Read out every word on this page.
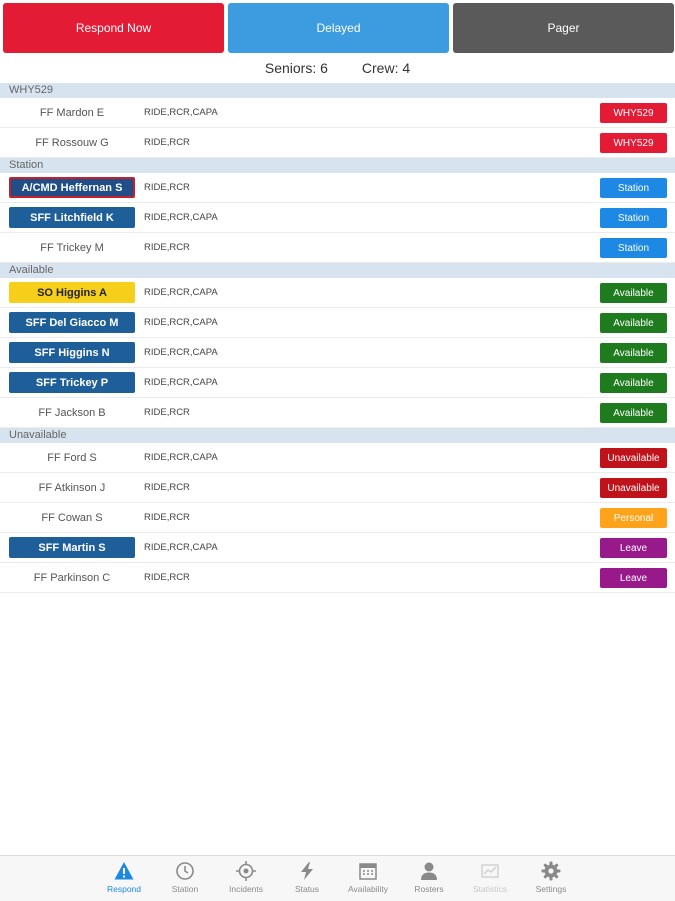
Respond Now	Delayed	Pager
Seniors: 6 Crew: 4
WHY529
FF Mardon E	RIDE,RCR,CAPA	WHY529
FF Rossouw G	RIDE,RCR	WHY529
Station
A/CMD Heffernan S	RIDE,RCR	Station
SFF Litchfield K	RIDE,RCR,CAPA	Station
FF Trickey M	RIDE,RCR	Station
Available
SO Higgins A	RIDE,RCR,CAPA	Available
SFF Del Giacco M	RIDE,RCR,CAPA	Available
SFF Higgins N	RIDE,RCR,CAPA	Available
SFF Trickey P	RIDE,RCR,CAPA	Available
FF Jackson B	RIDE,RCR	Available
Unavailable
FF Ford S	RIDE,RCR,CAPA	Unavailable
FF Atkinson J	RIDE,RCR	Unavailable
FF Cowan S	RIDE,RCR	Personal
SFF Martin S	RIDE,RCR,CAPA	Leave
FF Parkinson C	RIDE,RCR	Leave
Respond	Station	Incidents	Status	Availability	Rosters	Statistics	Settings
